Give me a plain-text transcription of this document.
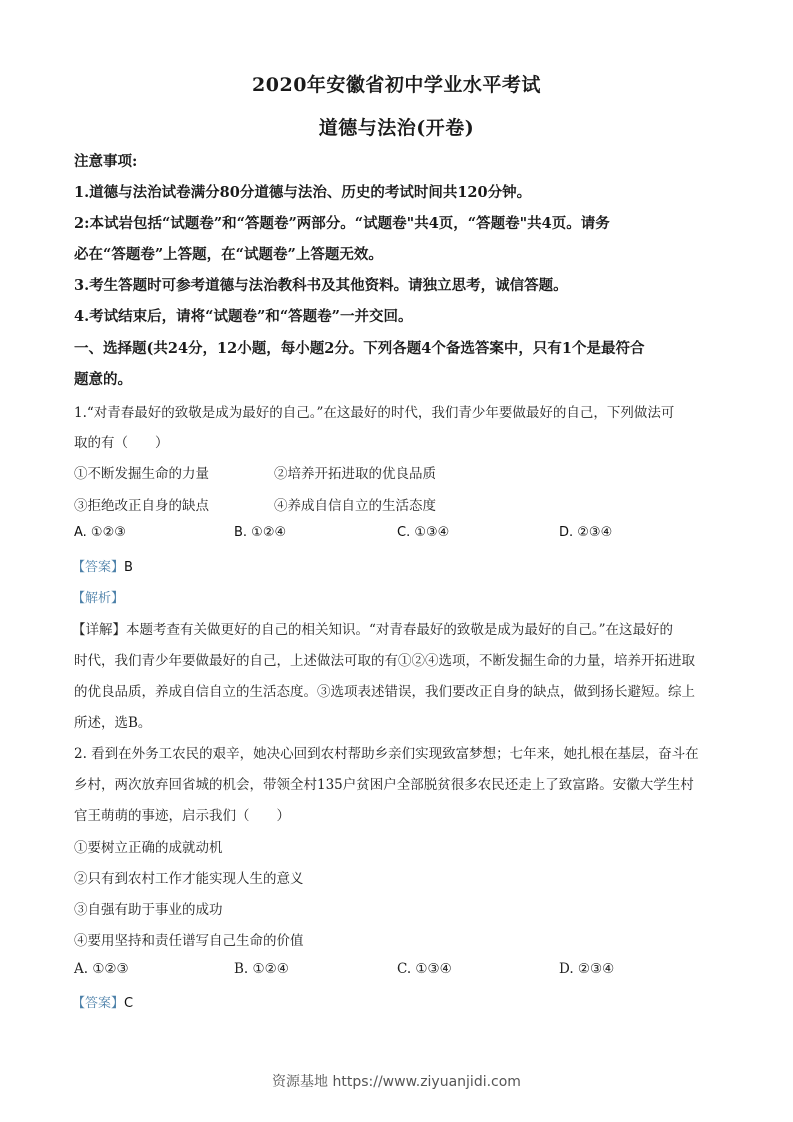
2020年安徽省初中学业水平考试
道德与法治(开卷)
注意事项:
1.道德与法治试卷满分80分道德与法治、历史的考试时间共120分钟。
2:本试岩包括“试题卷”和“答题卷”两部分。“试题卷"共4页，“答题卷"共4页。请务
必在“答题卷”上答题，在“试题卷”上答题无效。
3.考生答题时可参考道德与法治教科书及其他资料。请独立思考，诚信答题。
4.考试结束后，请将“试题卷”和“答题卷”一并交回。
一、选择题(共24分，12小题，每小题2分。下列各题4个备选答案中，只有1个是最符合
题意的。
1.“对青春最好的致敬是成为最好的自己。”在这最好的时代，我们青少年要做最好的自己，下列做法可
取的有（　　）
①不断发掘生命的力量	②培养开拓进取的优良品质
③拒绝改正自身的缺点	④养成自信自立的生活态度
A. ①②③	B. ①②④	C. ①③④	D. ②③④
【答案】B
【解析】
【详解】本题考查有关做更好的自己的相关知识。“对青春最好的致敬是成为最好的自己。”在这最好的
时代，我们青少年要做最好的自己，上述做法可取的有①②④选项，不断发掘生命的力量，培养开拓进取
的优良品质，养成自信自立的生活态度。③选项表述错误，我们要改正自身的缺点，做到扬长避短。综上
所述，选B。
2. 看到在外务工农民的艰辛，她决心回到农村帮助乡亲们实现致富梦想；七年来，她扎根在基层，奋斗在
乡村，两次放弃回省城的机会，带领全村135户贫困户全部脱贫很多农民还走上了致富路。安徽大学生村
官王萌萌的事迹，启示我们（　　）
①要树立正确的成就动机
②只有到农村工作才能实现人生的意义
③自强有助于事业的成功
④要用坚持和责任谱写自己生命的价值
A. ①②③	B. ①②④	C. ①③④	D. ②③④
【答案】C
资源基地 https://www.ziyuanjidi.com
